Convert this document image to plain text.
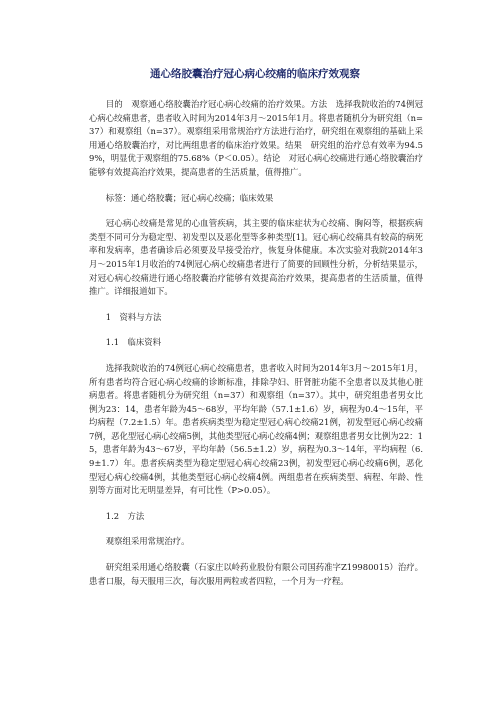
通心络胶囊治疗冠心病心绞痛的临床疗效观察

目的　观察通心络胶囊治疗冠心病心绞痛的治疗效果。方法　选择我院收治的74例冠心病心绞痛患者，患者收入时间为2014年3月～2015年1月。将患者随机分为研究组（n=37）和观察组（n=37）。观察组采用常规治疗方法进行治疗，研究组在观察组的基础上采用通心络胶囊治疗，对比两组患者的临床治疗效果。结果　研究组的治疗总有效率为94.59%，明显优于观察组的75.68%（P＜0.05）。结论　对冠心病心绞痛进行通心络胶囊治疗能够有效提高治疗效果，提高患者的生活质量，值得推广。

标签：通心络胶囊；冠心病心绞痛；临床效果

冠心病心绞痛是常见的心血管疾病，其主要的临床症状为心绞痛、胸闷等，根据疾病类型不同可分为稳定型、初发型以及恶化型等多种类型[1]。冠心病心绞痛具有较高的病死率和发病率，患者确诊后必须要及早接受治疗，恢复身体健康。本次实验对我院2014年3月～2015年1月收治的74例冠心病心绞痛患者进行了简要的回顾性分析，分析结果显示，对冠心病心绞痛进行通心络胶囊治疗能够有效提高治疗效果，提高患者的生活质量，值得推广。详细报道如下。

1　资料与方法

1.1　临床资料

选择我院收治的74例冠心病心绞痛患者，患者收入时间为2014年3月～2015年1月，所有患者均符合冠心病心绞痛的诊断标准，排除孕妇、肝肾脏功能不全患者以及其他心脏病患者。将患者随机分为研究组（n=37）和观察组（n=37）。其中，研究组患者男女比例为23：14，患者年龄为45～68岁，平均年龄（57.1±1.6）岁，病程为0.4～15年，平均病程（7.2±1.5）年。患者疾病类型为稳定型冠心病心绞痛21例，初发型冠心病心绞痛7例，恶化型冠心病心绞痛5例，其他类型冠心病心绞痛4例；观察组患者男女比例为22：15，患者年龄为43～67岁，平均年龄（56.5±1.2）岁，病程为0.3～14年，平均病程（6.9±1.7）年。患者疾病类型为稳定型冠心病心绞痛23例，初发型冠心病心绞痛6例，恶化型冠心病心绞痛4例，其他类型冠心病心绞痛4例。两组患者在疾病类型、病程、年龄、性别等方面对比无明显差异，有可比性（P>0.05）。

1.2　方法

观察组采用常规治疗。

研究组采用通心络胶囊（石家庄以岭药业股份有限公司国药准字Z19980015）治疗。患者口服，每天服用三次，每次服用两粒或者四粒，一个月为一疗程。
